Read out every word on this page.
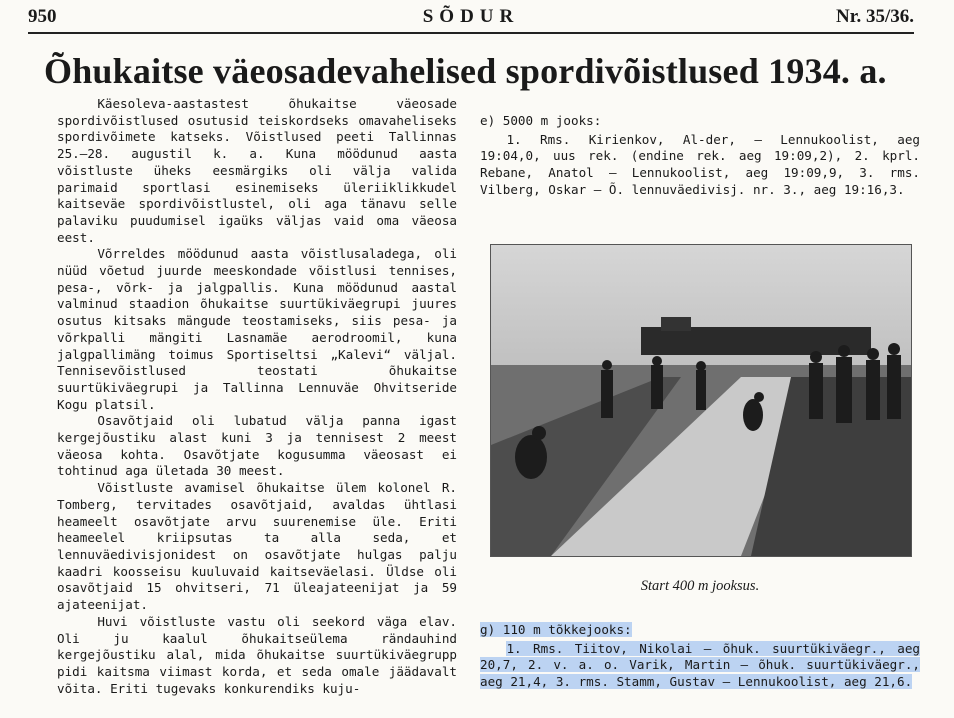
950	SÕDUR	Nr. 35/36.
Õhukaitse väeosadevahelised spordivõistlused 1934. a.

Käesoleva-aastastest õhukaitse väeosade spordivõistlused osutusid teiskordseks omavaheliseks spordivõimete katseks. Võistlused peeti Tallinnas 25.—28. augustil k. a. Kuna möödunud aasta võistluste üheks eesmärgiks oli välja valida parimaid sportlasi esinemiseks üleriiklikkudel kaitseväe spordivõistlustel, oli aga tänavu selle palaviku puudumisel igaüks väljas vaid oma väeosa eest.

Võrreldes möödunud aasta võistlusaladega, oli nüüd võetud juurde meeskondade võistlusi tennises, pesa-, võrk- ja jalgpallis. Kuna möödunud aastal valminud staadion õhukaitse suurtükiväegrupi juures osutus kitsaks mängude teostamiseks, siis pesa- ja võrkpalli mängiti Lasnamäe aerodroomil, kuna jalgpallimäng toimus Sportiseltsi „Kalevi“ väljal. Tennisevõistlused teostati õhukaitse suurtükiväegrupi ja Tallinna Lennuväe Ohvitseride Kogu platsil.

Osavõtjaid oli lubatud välja panna igast kergejõustiku alast kuni 3 ja tennisest 2 meest väeosa kohta. Osavõtjate kogusumma väeosast ei tohtinud aga ületada 30 meest.

Võistluste avamisel õhukaitse ülem kolonel R. Tomberg, tervitades osavõtjaid, avaldas ühtlasi heameelt osavõtjate arvu suurenemise üle. Eriti heameelel kriipsutas ta alla seda, et lennuväedivisjonidest on osavõtjate hulgas palju kaadri koosseisu kuuluvaid kaitseväelasi. Üldse oli osavõtjaid 15 ohvitseri, 71 üleajateenijat ja 59 ajateenijat.

Huvi võistluste vastu oli seekord väga elav. Oli ju kaalul õhukaitseülema rändauhind kergejõustiku alal, mida õhukaitse suurtükiväegrupp pidi kaitsma viimast korda, et seda omale jäädavalt võita. Eriti tugevaks konkurendiks kuju-

e) 5000 m jooks:

1. Rms. Kirienkov, Al-der, — Lennukoolist, aeg 19:04,0, uus rek. (endine rek. aeg 19:09,2), 2. kprl. Rebane, Anatol — Lennukoolist, aeg 19:09,9, 3. rms. Vilberg, Oskar — Õ. lennuväedivisj. nr. 3., aeg 19:16,3.

Start 400 m jooksus.

g) 110 m tõkkejooks:

1. Rms. Tiitov, Nikolai — õhuk. suurtükiväegr., aeg 20,7, 2. v. a. o. Varik, Martin — õhuk. suurtükiväegr., aeg 21,4, 3. rms. Stamm, Gustav — Lennukoolist, aeg 21,6.
